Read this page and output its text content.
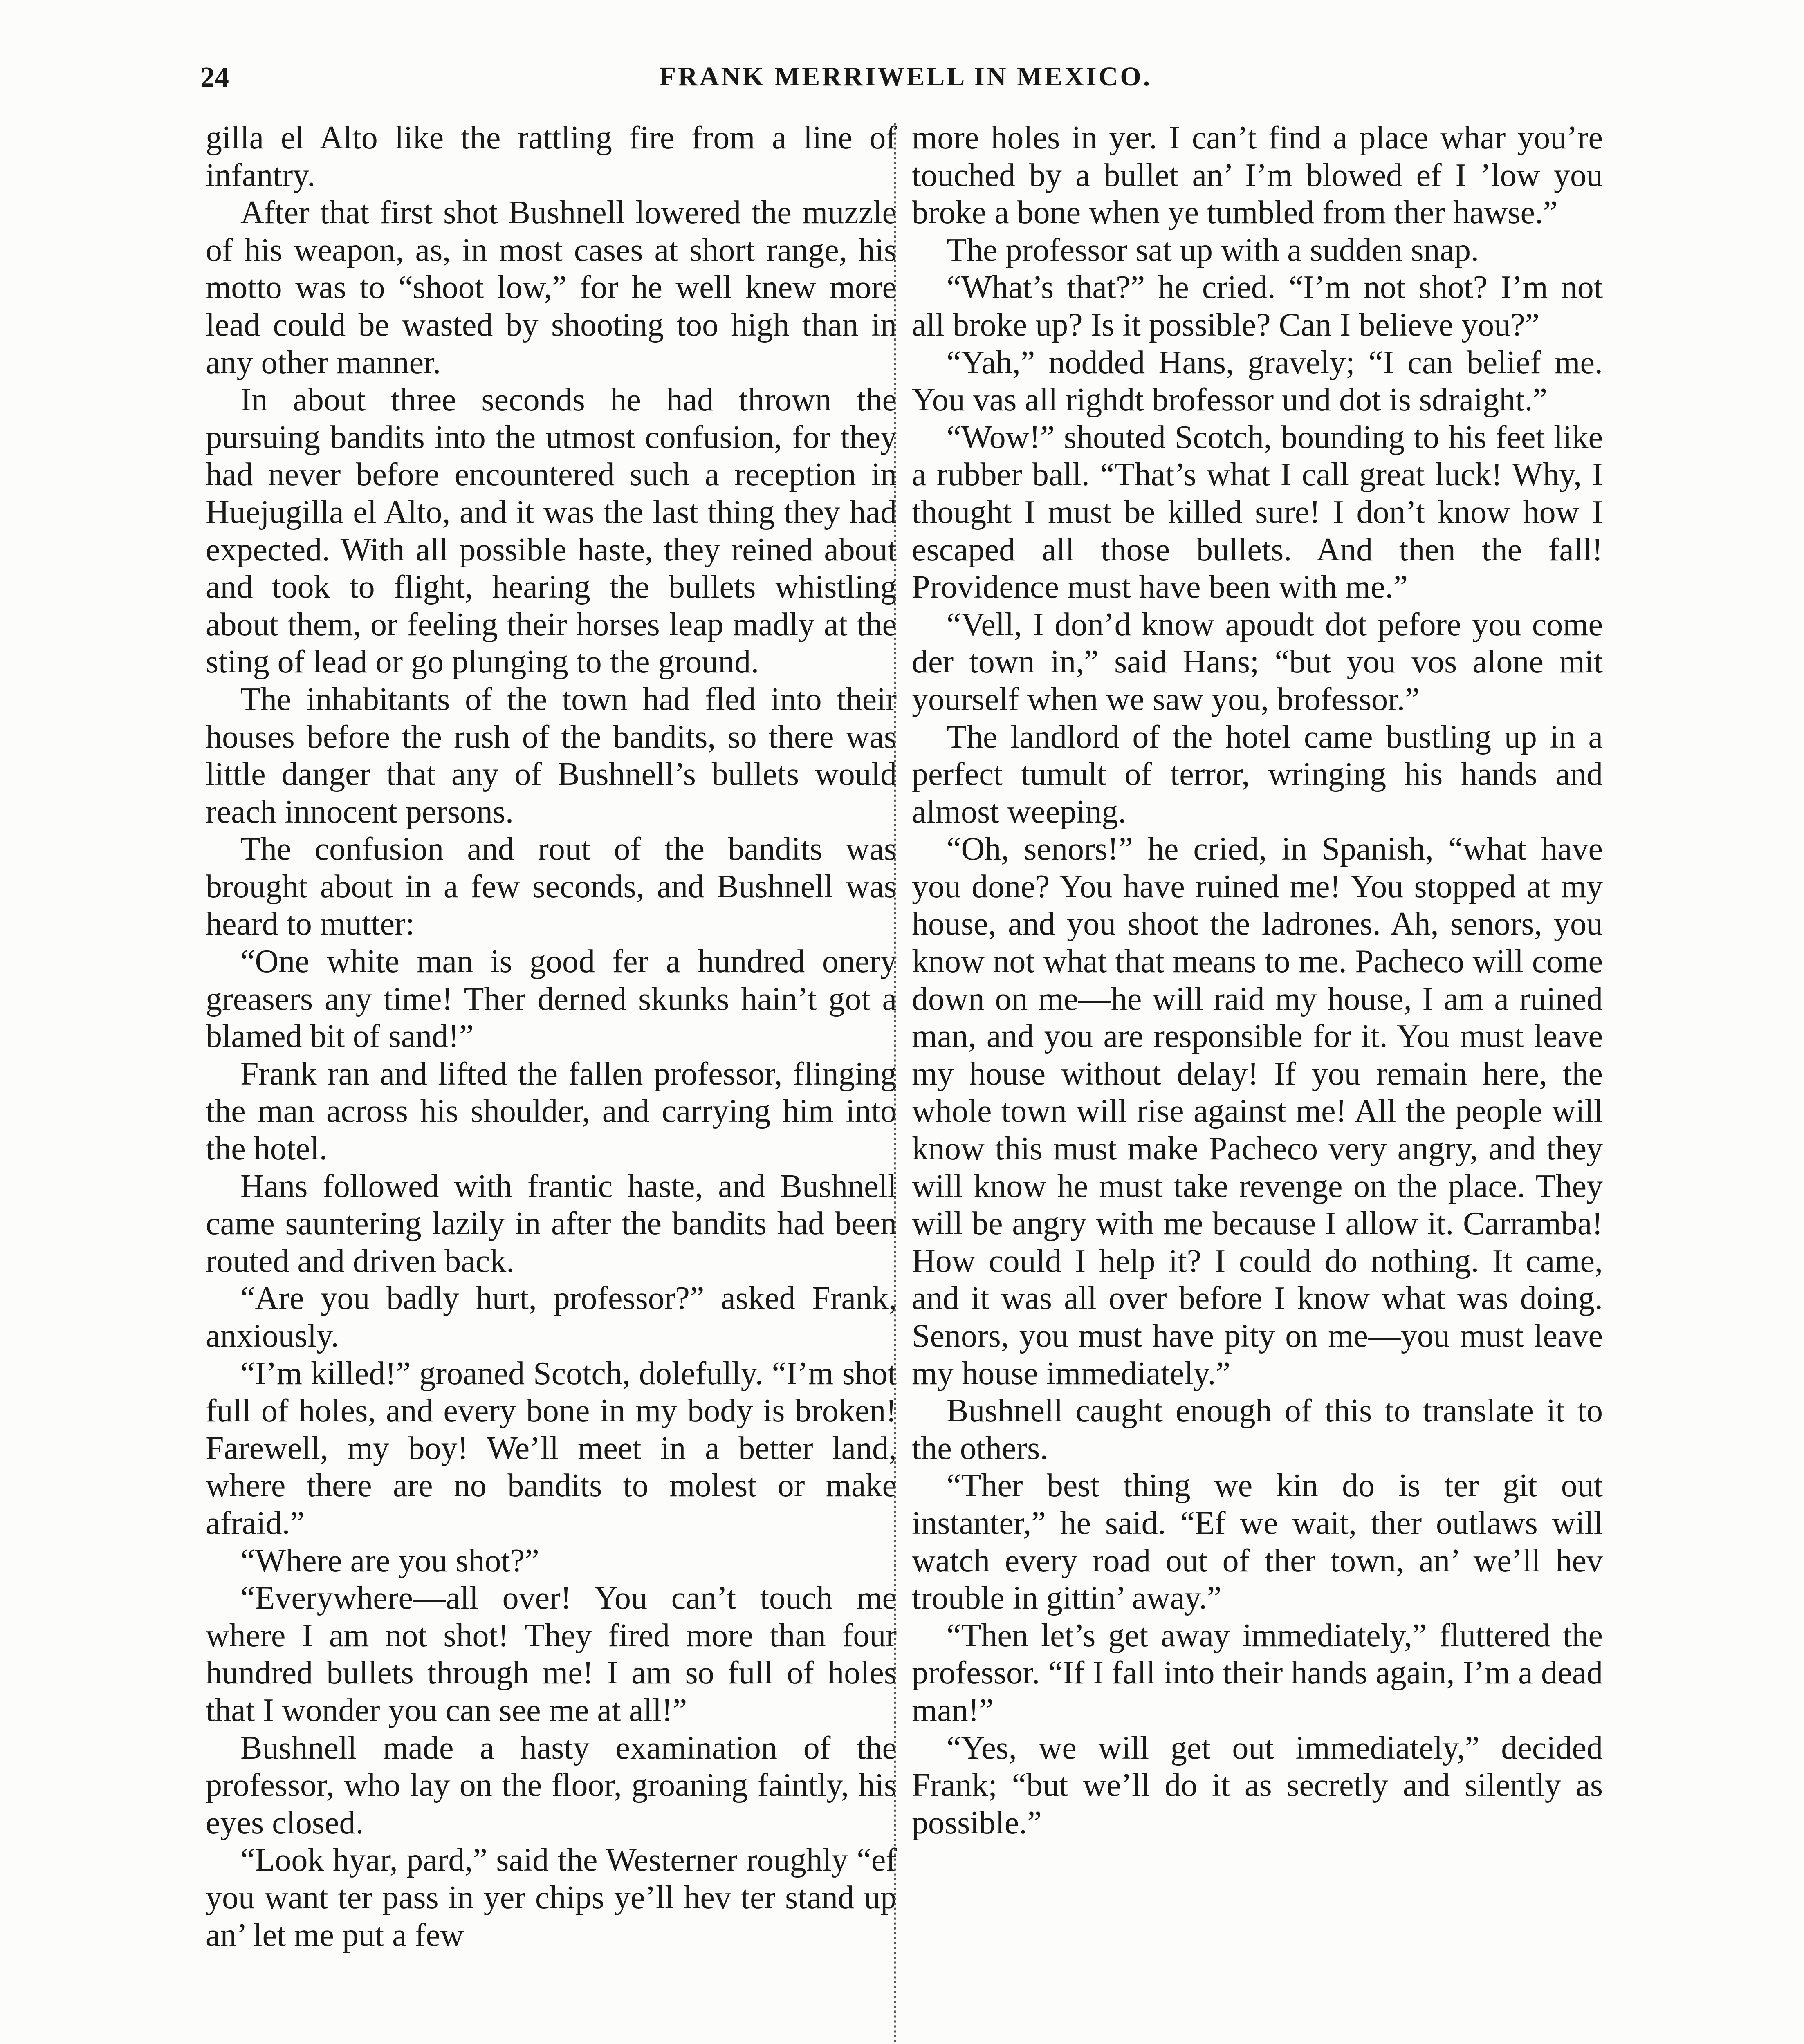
24	FRANK MERRIWELL IN MEXICO.

gilla el Alto like the rattling fire from a line of infantry.

After that first shot Bushnell lowered the muzzle of his weapon, as, in most cases at short range, his motto was to “shoot low,” for he well knew more lead could be wasted by shooting too high than in any other manner.

In about three seconds he had thrown the pursuing bandits into the utmost confusion, for they had never before encountered such a reception in Huejugilla el Alto, and it was the last thing they had expected. With all possible haste, they reined about and took to flight, hearing the bullets whistling about them, or feeling their horses leap madly at the sting of lead or go plunging to the ground.

The inhabitants of the town had fled into their houses before the rush of the bandits, so there was little danger that any of Bushnell’s bullets would reach innocent persons.

The confusion and rout of the bandits was brought about in a few seconds, and Bushnell was heard to mutter:

“One white man is good fer a hundred onery greasers any time! Ther derned skunks hain’t got a blamed bit of sand!”

Frank ran and lifted the fallen professor, flinging the man across his shoulder, and carrying him into the hotel.

Hans followed with frantic haste, and Bushnell came sauntering lazily in after the bandits had been routed and driven back.

“Are you badly hurt, professor?” asked Frank, anxiously.

“I’m killed!” groaned Scotch, dolefully. “I’m shot full of holes, and every bone in my body is broken! Farewell, my boy! We’ll meet in a better land, where there are no bandits to molest or make afraid.”

“Where are you shot?”

“Everywhere—all over! You can’t touch me where I am not shot! They fired more than four hundred bullets through me! I am so full of holes that I wonder you can see me at all!”

Bushnell made a hasty examination of the professor, who lay on the floor, groaning faintly, his eyes closed.

“Look hyar, pard,” said the Westerner roughly “ef you want ter pass in yer chips ye’ll hev ter stand up an’ let me put a few

more holes in yer. I can’t find a place whar you’re touched by a bullet an’ I’m blowed ef I ’low you broke a bone when ye tumbled from ther hawse.”

The professor sat up with a sudden snap.

“What’s that?” he cried. “I’m not shot? I’m not all broke up? Is it possible? Can I believe you?”

“Yah,” nodded Hans, gravely; “I can belief me. You vas all righdt brofessor und dot is sdraight.”

“Wow!” shouted Scotch, bounding to his feet like a rubber ball. “That’s what I call great luck! Why, I thought I must be killed sure! I don’t know how I escaped all those bullets. And then the fall! Providence must have been with me.”

“Vell, I don’d know apoudt dot pefore you come der town in,” said Hans; “but you vos alone mit yourself when we saw you, brofessor.”

The landlord of the hotel came bustling up in a perfect tumult of terror, wringing his hands and almost weeping.

“Oh, senors!” he cried, in Spanish, “what have you done? You have ruined me! You stopped at my house, and you shoot the ladrones. Ah, senors, you know not what that means to me. Pacheco will come down on me—he will raid my house, I am a ruined man, and you are responsible for it. You must leave my house without delay! If you remain here, the whole town will rise against me! All the people will know this must make Pacheco very angry, and they will know he must take revenge on the place. They will be angry with me because I allow it. Carramba! How could I help it? I could do nothing. It came, and it was all over before I know what was doing. Senors, you must have pity on me—you must leave my house immediately.”

Bushnell caught enough of this to translate it to the others.

“Ther best thing we kin do is ter git out instanter,” he said. “Ef we wait, ther outlaws will watch every road out of ther town, an’ we’ll hev trouble in gittin’ away.”

“Then let’s get away immediately,” fluttered the professor. “If I fall into their hands again, I’m a dead man!”

“Yes, we will get out immediately,” decided Frank; “but we’ll do it as secretly and silently as possible.”
